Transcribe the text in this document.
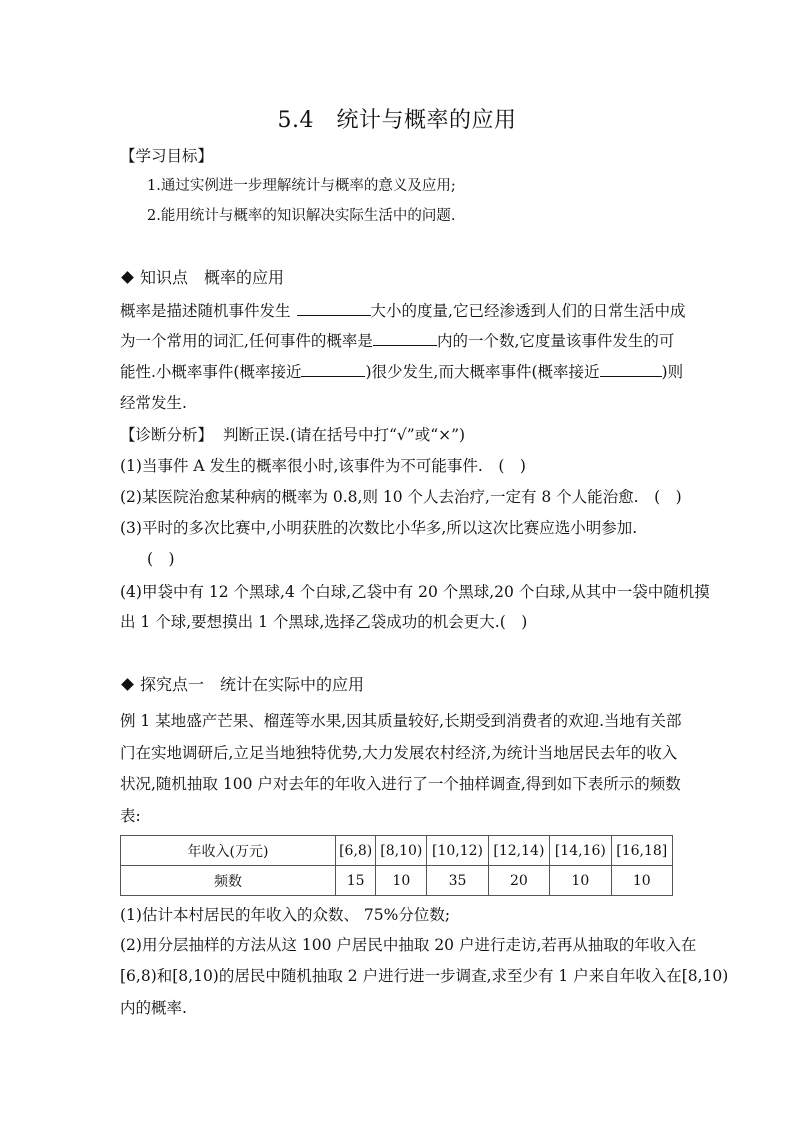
5.4　统计与概率的应用
【学习目标】
1.通过实例进一步理解统计与概率的意义及应用;
2.能用统计与概率的知识解决实际生活中的问题.
知识点　概率的应用
概率是描述随机事件发生	大小的度量,它已经渗透到人们的日常生活中成
为一个常用的词汇,任何事件的概率是	内的一个数,它度量该事件发生的可
能性.小概率事件(概率接近	)很少发生,而大概率事件(概率接近	)则
经常发生.
【诊断分析】 判断正误.(请在括号中打“√”或“×”)
(1)当事件 A 发生的概率很小时,该事件为不可能事件.　(　)
(2)某医院治愈某种病的概率为 0.8,则 10 个人去治疗,一定有 8 个人能治愈.　(　)
(3)平时的多次比赛中,小明获胜的次数比小华多,所以这次比赛应选小明参加.
(　)
(4)甲袋中有 12 个黑球,4 个白球,乙袋中有 20 个黑球,20 个白球,从其中一袋中随机摸
出 1 个球,要想摸出 1 个黑球,选择乙袋成功的机会更大.(　)
探究点一　统计在实际中的应用
例 1 某地盛产芒果、榴莲等水果,因其质量较好,长期受到消费者的欢迎.当地有关部
门在实地调研后,立足当地独特优势,大力发展农村经济,为统计当地居民去年的收入
状况,随机抽取 100 户对去年的年收入进行了一个抽样调查,得到如下表所示的频数
表:
年收入(万元)	[6,8)	[8,10)	[10,12)	[12,14)	[14,16)	[16,18]
频数	15	10	35	20	10	10
(1)估计本村居民的年收入的众数、 75%分位数;
(2)用分层抽样的方法从这 100 户居民中抽取 20 户进行走访,若再从抽取的年收入在
[6,8)和[8,10)的居民中随机抽取 2 户进行进一步调查,求至少有 1 户来自年收入在[8,10)
内的概率.
